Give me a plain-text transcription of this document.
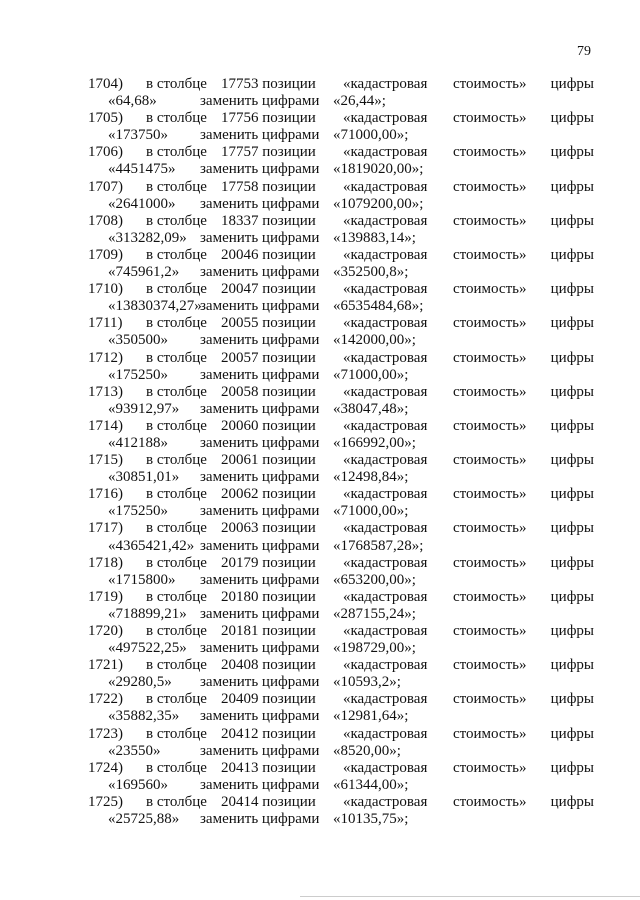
79
1704) в столбце 17753 позиции «кадастровая стоимость» цифры
«64,68»	заменить цифрами «26,44»;
1705) в столбце 17756 позиции «кадастровая стоимость» цифры
«173750» заменить цифрами «71000,00»;
1706) в столбце 17757 позиции «кадастровая стоимость» цифры
«4451475» заменить цифрами «1819020,00»;
1707) в столбце 17758 позиции «кадастровая стоимость» цифры
«2641000» заменить цифрами «1079200,00»;
1708) в столбце 18337 позиции «кадастровая стоимость» цифры
«313282,09» заменить цифрами «139883,14»;
1709) в столбце 20046 позиции «кадастровая стоимость» цифры
«745961,2» заменить цифрами «352500,8»;
1710) в столбце 20047 позиции «кадастровая стоимость» цифры
«13830374,27»
заменить цифрами «6535484,68»;
1711) в столбце 20055 позиции «кадастровая стоимость» цифры
«350500» заменить цифрами «142000,00»;
1712) в столбце 20057 позиции «кадастровая стоимость» цифры
«175250» заменить цифрами «71000,00»;
1713) в столбце 20058 позиции «кадастровая стоимость» цифры
«93912,97» заменить цифрами «38047,48»;
1714) в столбце 20060 позиции «кадастровая стоимость» цифры
«412188» заменить цифрами «166992,00»;
1715) в столбце 20061 позиции «кадастровая стоимость» цифры
«30851,01» заменить цифрами «12498,84»;
1716) в столбце 20062 позиции «кадастровая стоимость» цифры
«175250» заменить цифрами «71000,00»;
1717) в столбце 20063 позиции «кадастровая стоимость» цифры
«4365421,42» заменить цифрами «1768587,28»;
1718) в столбце 20179 позиции «кадастровая стоимость» цифры
«1715800» заменить цифрами «653200,00»;
1719) в столбце 20180 позиции «кадастровая стоимость» цифры
«718899,21» заменить цифрами «287155,24»;
1720) в столбце 20181 позиции «кадастровая стоимость» цифры
«497522,25» заменить цифрами «198729,00»;
1721) в столбце 20408 позиции «кадастровая стоимость» цифры
«29280,5» заменить цифрами «10593,2»;
1722) в столбце 20409 позиции «кадастровая стоимость» цифры
«35882,35» заменить цифрами «12981,64»;
1723) в столбце 20412 позиции «кадастровая стоимость» цифры
«23550»	заменить цифрами «8520,00»;
1724) в столбце 20413 позиции «кадастровая стоимость» цифры
«169560» заменить цифрами «61344,00»;
1725) в столбце 20414 позиции «кадастровая стоимость» цифры
«25725,88» заменить цифрами «10135,75»;
